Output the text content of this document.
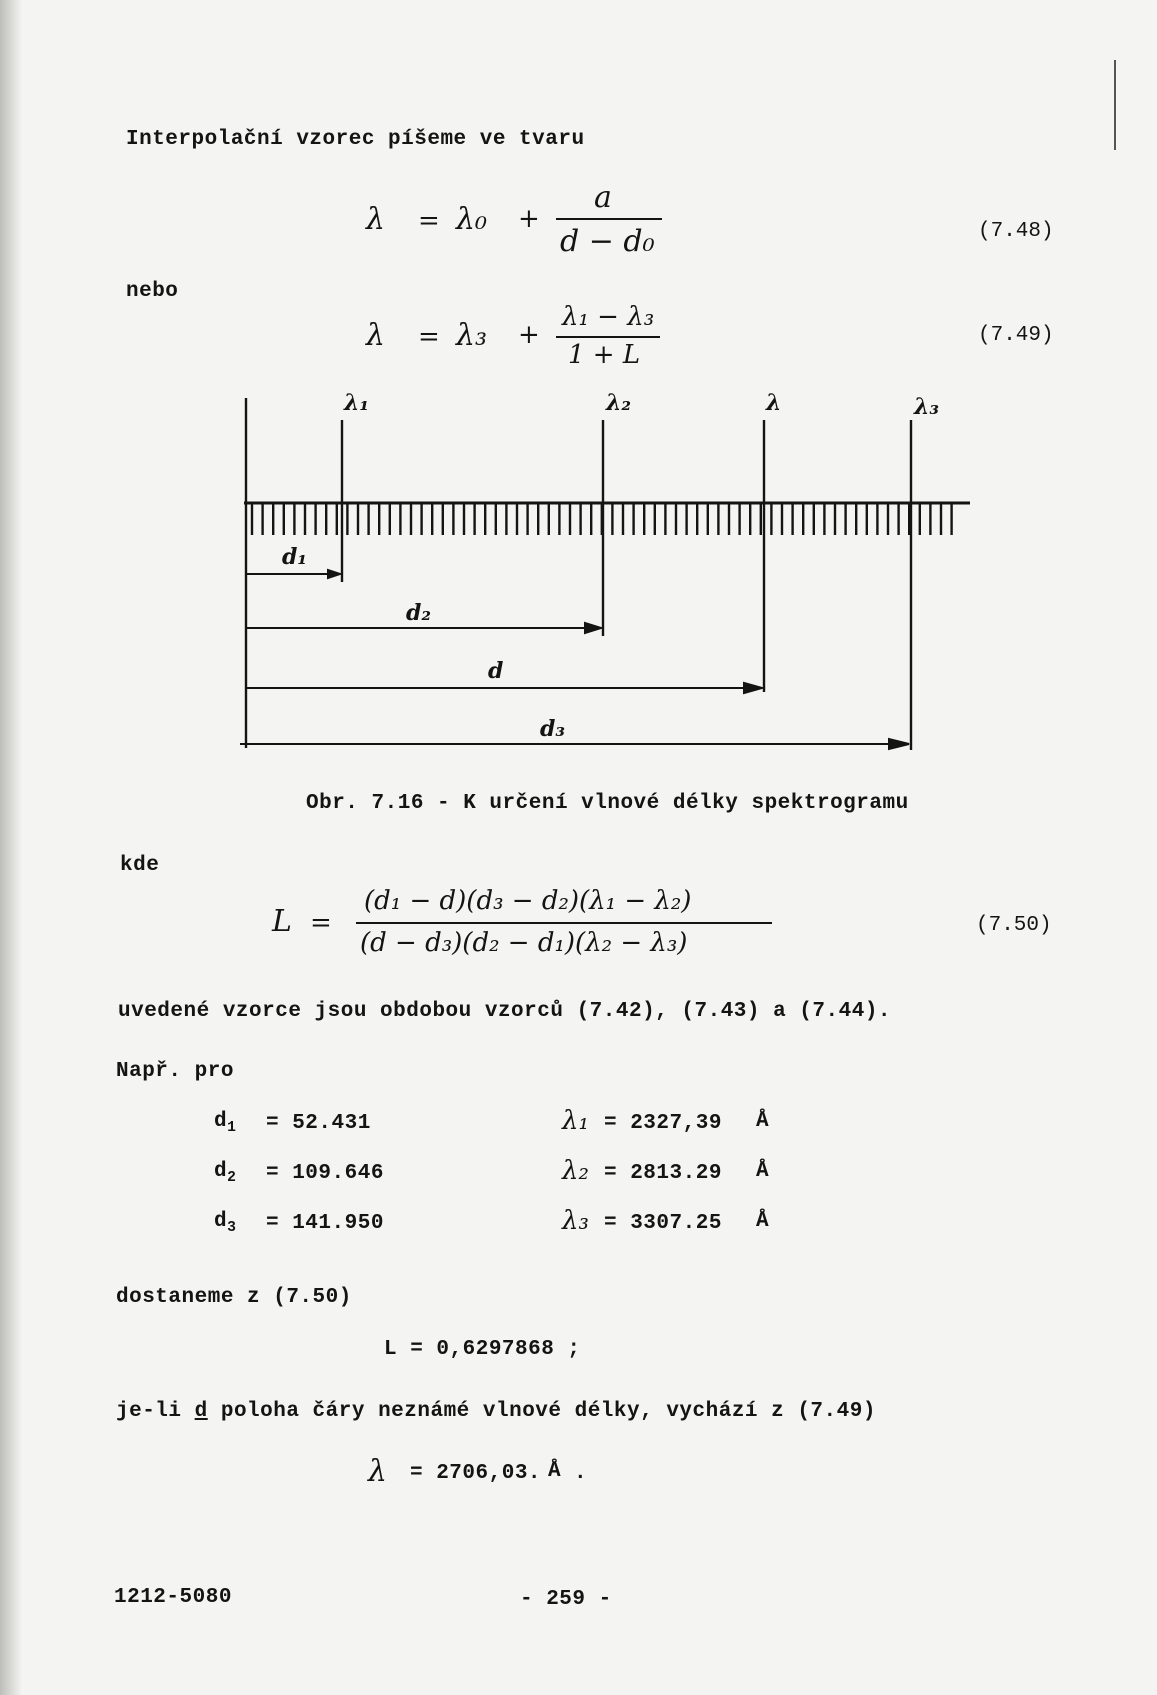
Interpolační vzorec píšeme ve tvaru
λ = λ₀ +
a
d − d₀	(7.48)
nebo
λ = λ₃ +
λ₁ − λ₃
1 + L
(7.49)
λ₁	λ₂	λ	λ₃
d₁
d₂
d
d₃
Obr. 7.16 - K určení vlnové délky spektrogramu
kde
L =
(d₁ − d)(d₃ − d₂)(λ₁ − λ₂)
(d − d₃)(d₂ − d₁)(λ₂ − λ₃)
(7.50)
uvedené vzorce jsou obdobou vzorců (7.42), (7.43) a (7.44).
Např. pro
$d_1 = 52.431$	λ₁ = 2327,39 Å
$d_2 = 109.646$	λ₂ = 2813.29 Å
$d_3 = 141.950$	λ₃ = 3307.25 Å
dostaneme z (7.50)
L = 0,6297868 ;
je-li d poloha čáry neznámé vlnové délky, vychází z (7.49)
λ = 2706,03. Å .
1212-5080	- 259 -
